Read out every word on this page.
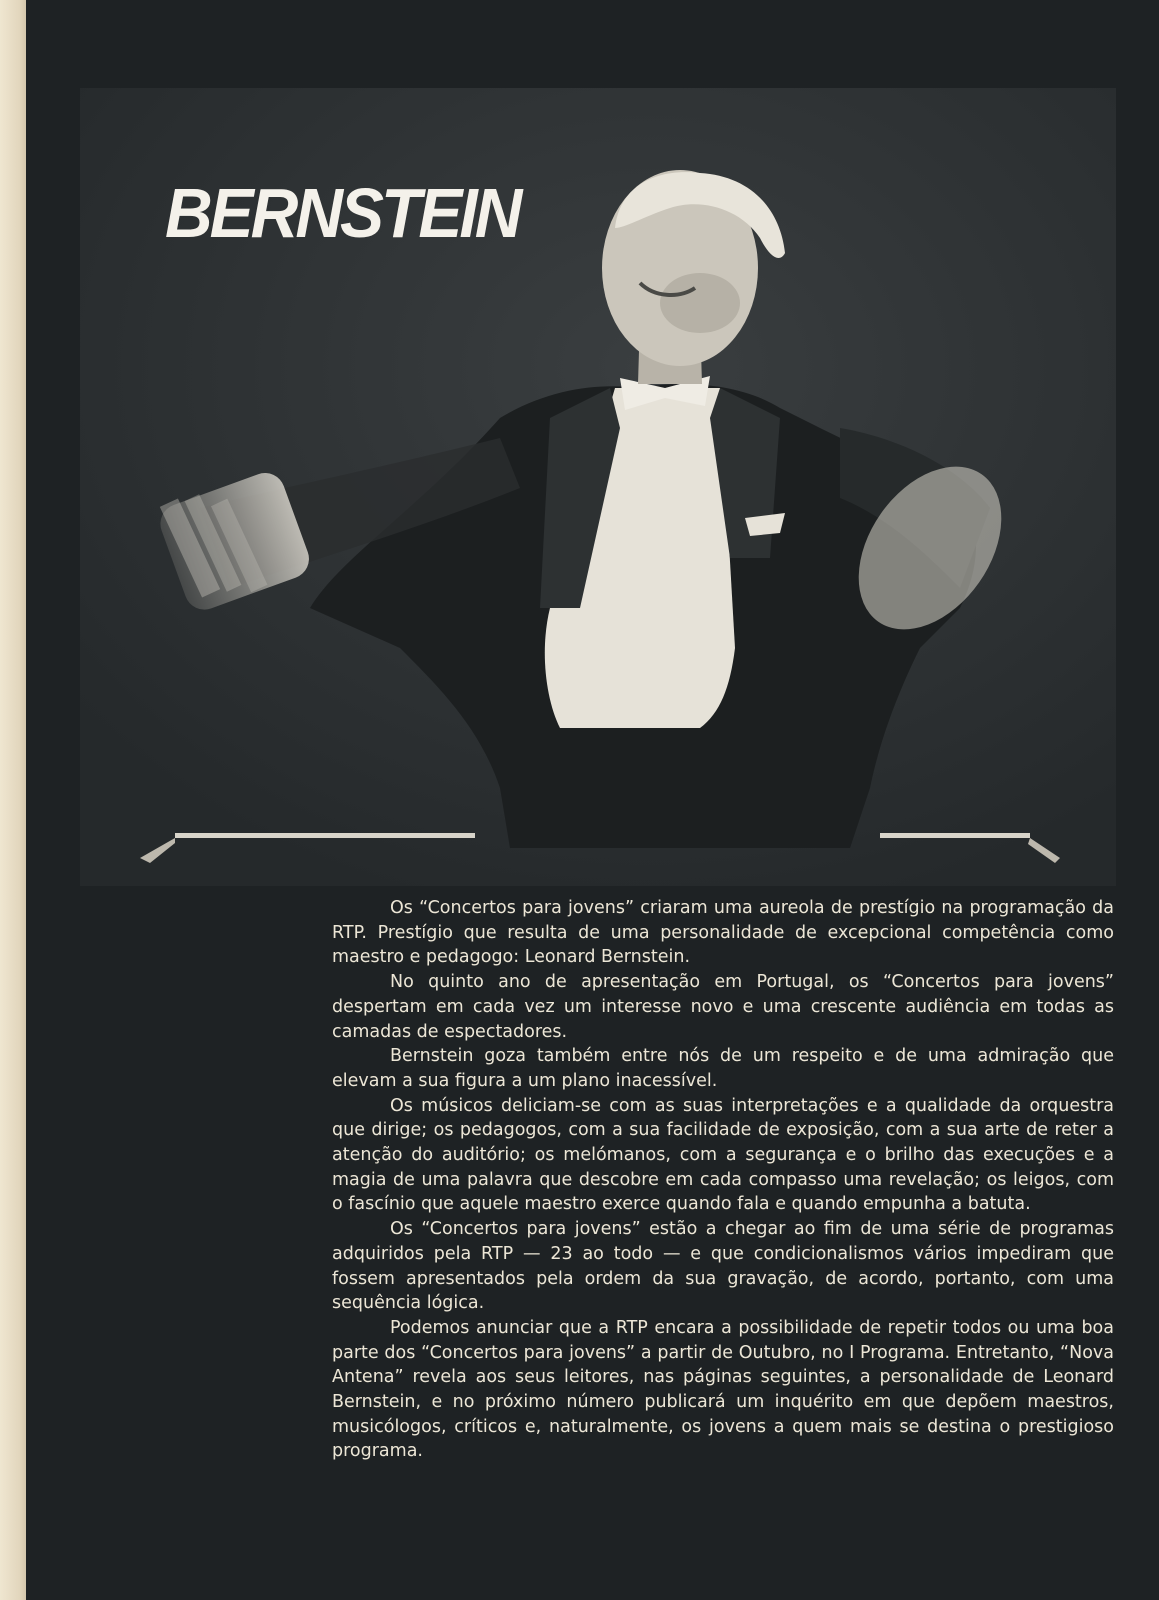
BERNSTEIN

Os “Concertos para jovens” criaram uma aureola de prestígio na programação da RTP. Prestígio que resulta de uma personalidade de excepcional competência como maestro e pedagogo: Leonard Bernstein.

No quinto ano de apresentação em Portugal, os “Concertos para jovens” despertam em cada vez um interesse novo e uma crescente audiência em todas as camadas de espectadores.

Bernstein goza também entre nós de um respeito e de uma admiração que elevam a sua figura a um plano inacessível.

Os músicos deliciam-se com as suas interpretações e a qualidade da orquestra que dirige; os pedagogos, com a sua facilidade de exposição, com a sua arte de reter a atenção do auditório; os melómanos, com a segurança e o brilho das execuções e a magia de uma palavra que descobre em cada compasso uma revelação; os leigos, com o fascínio que aquele maestro exerce quando fala e quando empunha a batuta.

Os “Concertos para jovens” estão a chegar ao fim de uma série de programas adquiridos pela RTP — 23 ao todo — e que condicionalismos vários impediram que fossem apresentados pela ordem da sua gravação, de acordo, portanto, com uma sequência lógica.

Podemos anunciar que a RTP encara a possibilidade de repetir todos ou uma boa parte dos “Concertos para jovens” a partir de Outubro, no I Programa. Entretanto, “Nova Antena” revela aos seus leitores, nas páginas seguintes, a personalidade de Leonard Bernstein, e no próximo número publicará um inquérito em que depõem maestros, musicólogos, críticos e, naturalmente, os jovens a quem mais se destina o prestigioso programa.
